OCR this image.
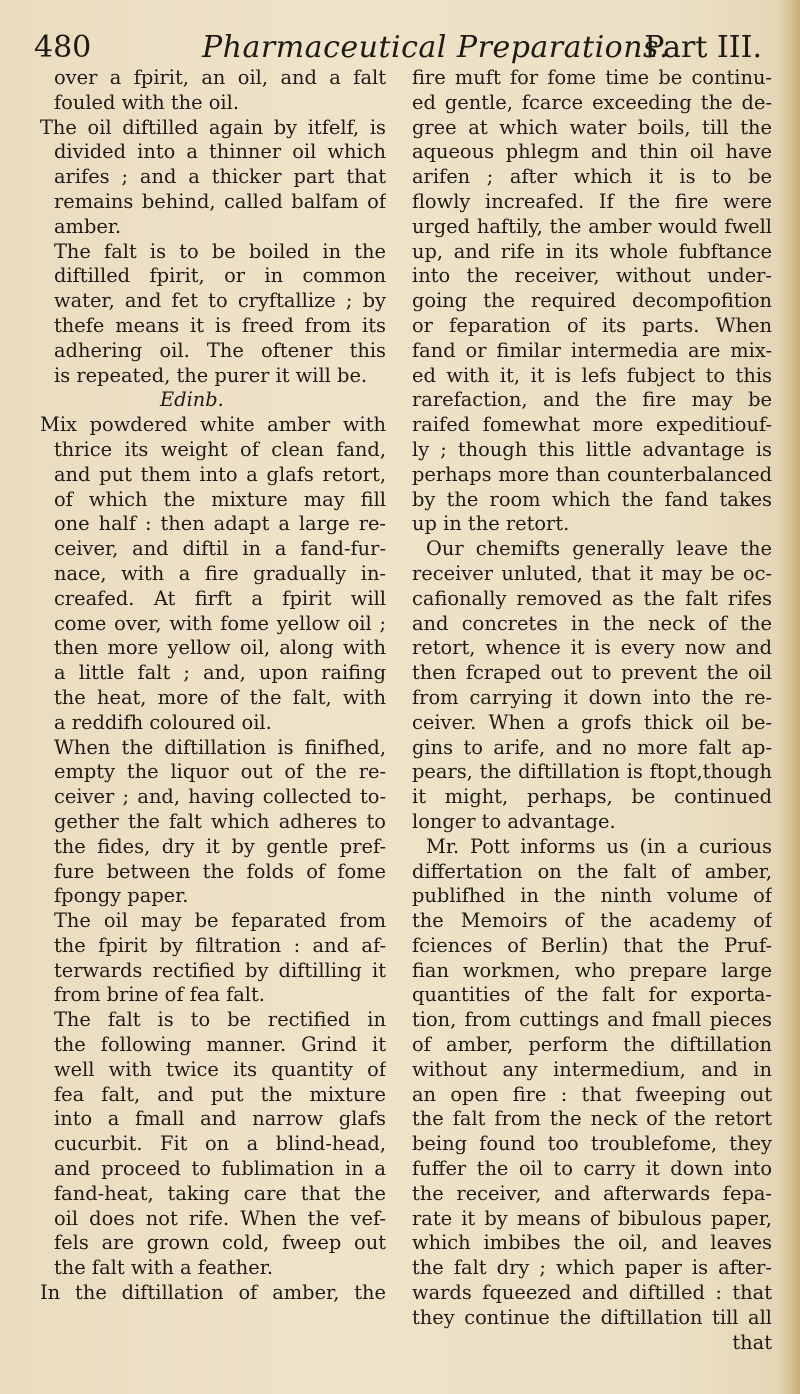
480	Pharmaceutical Preparations.
Part III.
over a fpirit, an oil, and a falt
fouled with the oil.
The oil diftilled again by itfelf, is
divided into a thinner oil which
arifes ; and a thicker part that
remains behind, called balfam of
amber.
The falt is to be boiled in the
diftilled fpirit, or in common
water, and fet to cryftallize ; by
thefe means it is freed from its
adhering oil. The oftener this
is repeated, the purer it will be.
Edinb.
Mix powdered white amber with
thrice its weight of clean fand,
and put them into a glafs retort,
of which the mixture may fill
one half : then adapt a large re-
ceiver, and diftil in a fand-fur-
nace, with a fire gradually in-
creafed. At firft a fpirit will
come over, with fome yellow oil ;
then more yellow oil, along with
a little falt ; and, upon raifing
the heat, more of the falt, with
a reddifh coloured oil.
When the diftillation is finifhed,
empty the liquor out of the re-
ceiver ; and, having collected to-
gether the falt which adheres to
the fides, dry it by gentle pref-
fure between the folds of fome
fpongy paper.
The oil may be feparated from
the fpirit by filtration : and af-
terwards rectified by diftilling it
from brine of fea falt.
The falt is to be rectified in
the following manner. Grind it
well with twice its quantity of
fea falt, and put the mixture
into a fmall and narrow glafs
cucurbit. Fit on a blind-head,
and proceed to fublimation in a
fand-heat, taking care that the
oil does not rife. When the vef-
fels are grown cold, fweep out
the falt with a feather.
In the diftillation of amber, the
fire muft for fome time be continu-
ed gentle, fcarce exceeding the de-
gree at which water boils, till the
aqueous phlegm and thin oil have
arifen ; after which it is to be
flowly increafed. If the fire were
urged haftily, the amber would fwell
up, and rife in its whole fubftance
into the receiver, without under-
going the required decompofition
or feparation of its parts. When
fand or fimilar intermedia are mix-
ed with it, it is lefs fubject to this
rarefaction, and the fire may be
raifed fomewhat more expeditiouf-
ly ; though this little advantage is
perhaps more than counterbalanced
by the room which the fand takes
up in the retort.
Our chemifts generally leave the
receiver unluted, that it may be oc-
cafionally removed as the falt rifes
and concretes in the neck of the
retort, whence it is every now and
then fcraped out to prevent the oil
from carrying it down into the re-
ceiver. When a grofs thick oil be-
gins to arife, and no more falt ap-
pears, the diftillation is ftopt,though
it might, perhaps, be continued
longer to advantage.
Mr. Pott informs us (in a curious
differtation on the falt of amber,
publifhed in the ninth volume of
the Memoirs of the academy of
fciences of Berlin) that the Pruf-
fian workmen, who prepare large
quantities of the falt for exporta-
tion, from cuttings and fmall pieces
of amber, perform the diftillation
without any intermedium, and in
an open fire : that fweeping out
the falt from the neck of the retort
being found too troublefome, they
fuffer the oil to carry it down into
the receiver, and afterwards fepa-
rate it by means of bibulous paper,
which imbibes the oil, and leaves
the falt dry ; which paper is after-
wards fqueezed and diftilled : that
they continue the diftillation till all
that
